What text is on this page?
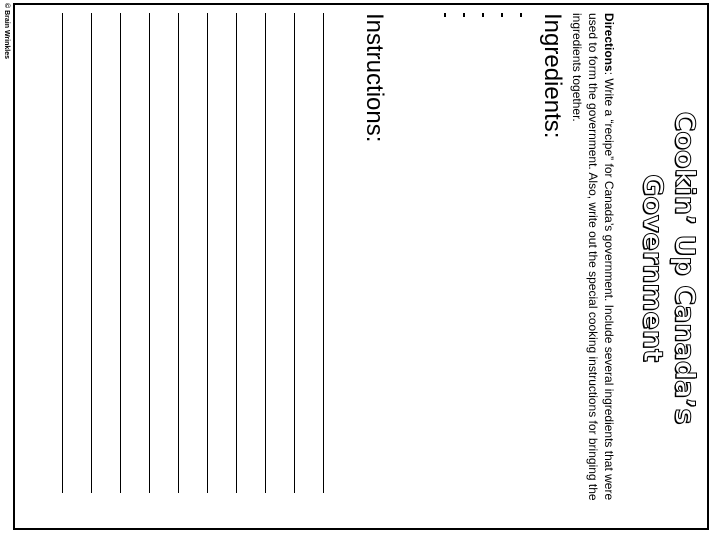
© Brain Wrinkles
Cookin’ Up Canada’s
Government
Directions: Write a “recipe” for Canada’s government. Include several ingredients that were used to form the government. Also, write out the special cooking instructions for bringing the ingredients together.
Ingredients:
Instructions:
